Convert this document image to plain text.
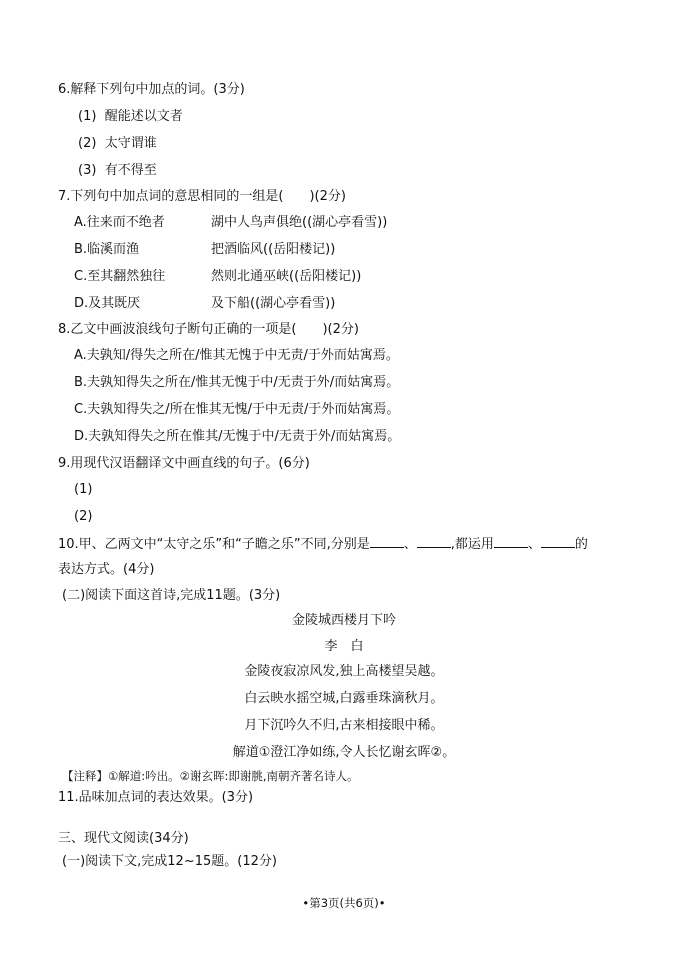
6.解释下列句中加点的词。(3分)
(1) 醒能述以文者
(2) 太守谓谁
(3) 有不得至
7.下列句中加点词的意思相同的一组是(　　)(2分)
A.往来而不绝者	湖中人鸟声俱绝((湖心亭看雪))
B.临溪而渔	把酒临风((岳阳楼记))
C.至其翻然独往	然则北通巫峡((岳阳楼记))
D.及其既厌	及下船((湖心亭看雪))
8.乙文中画波浪线句子断句正确的一项是(　　)(2分)
A.夫孰知/得失之所在/惟其无愧于中无责/于外而姑寓焉。
B.夫孰知得失之所在/惟其无愧于中/无责于外/而姑寓焉。
C.夫孰知得失之/所在惟其无愧/于中无责/于外而姑寓焉。
D.夫孰知得失之所在惟其/无愧于中/无责于外/而姑寓焉。
9.用现代汉语翻译文中画直线的句子。(6分)
(1)
(2)
10.甲、乙两文中“太守之乐”和“子瞻之乐”不同,分别是	、	,都运用	、	的
表达方式。(4分)
(二)阅读下面这首诗,完成11题。(3分)
金陵城西楼月下吟
李　白
金陵夜寂凉风发,独上高楼望吴越。
白云映水摇空城,白露垂珠滴秋月。
月下沉吟久不归,古来相接眼中稀。
解道①澄江净如练,令人长忆谢玄晖②。
【注释】①解道:吟出。②谢玄晖:即谢朓,南朝齐著名诗人。
11.品味加点词的表达效果。(3分)
三、现代文阅读(34分)
(一)阅读下文,完成12~15题。(12分)
•第3页(共6页)•
